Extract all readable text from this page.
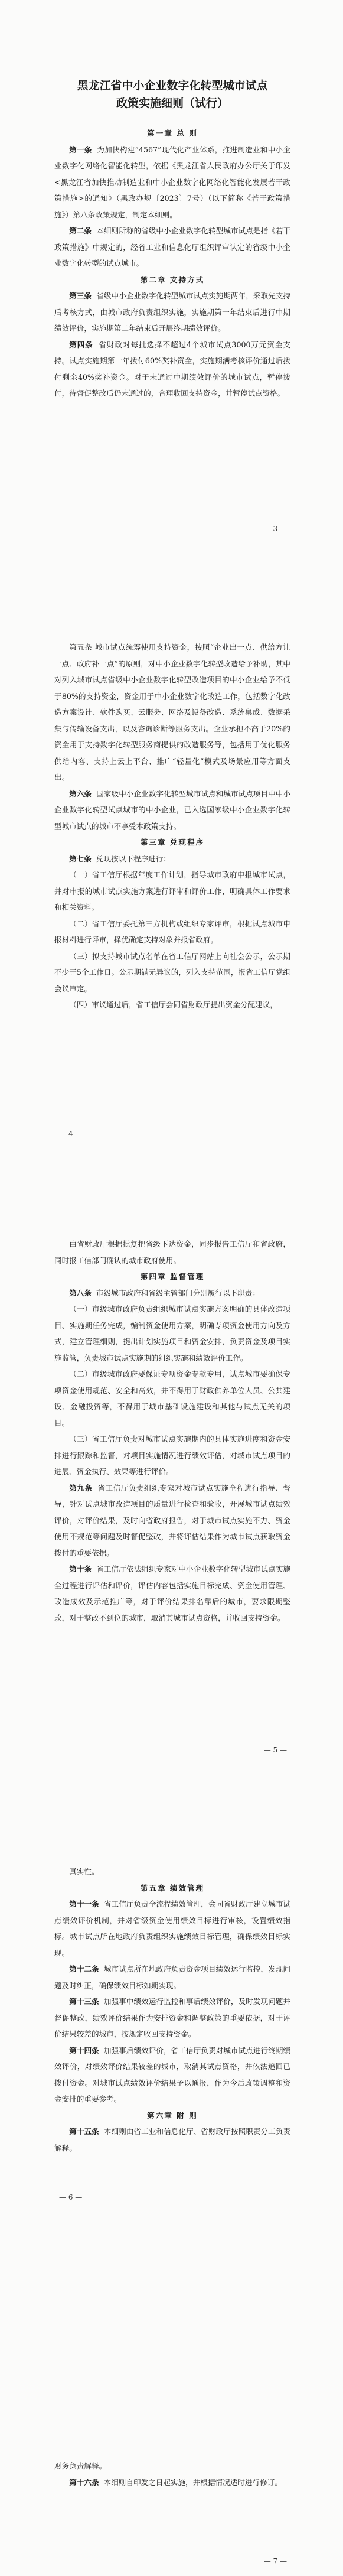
黑龙江省中小企业数字化转型城市试点
政策实施细则（试行）

第一章 总 则

第一条 为加快构建“4567”现代化产业体系，推进制造业和中小企业数字化网络化智能化转型，依据《黑龙江省人民政府办公厅关于印发<黑龙江省加快推动制造业和中小企业数字化网络化智能化发展若干政策措施>的通知》（黑政办规〔2023〕7号）（以下简称《若干政策措施》）第八条政策规定，制定本细则。

第二条 本细则所称的省级中小企业数字化转型城市试点是指《若干政策措施》中规定的，经省工业和信息化厅组织评审认定的省级中小企业数字化转型的试点城市。

第二章 支持方式

第三条 省级中小企业数字化转型城市试点实施期两年，采取先支持后考核方式，由城市政府负责组织实施，实施期第一年结束后进行中期绩效评价，实施期第二年结束后开展终期绩效评价。

第四条 省财政对每批选择不超过4个城市试点3000万元资金支持。试点实施期第一年拨付60%奖补资金，实施期满考核评价通过后拨付剩余40%奖补资金。对于未通过中期绩效评价的城市试点，暂停拨付，待督促整改后仍未通过的，合理收回支持资金，并暂停试点资格。

— 3 —

第五条 城市试点统筹使用支持资金，按照“企业出一点、供给方让一点、政府补一点”的原则，对中小企业数字化转型改造给予补助，其中对列入城市试点省级中小企业数字化转型改造项目的中小企业给予不低于80%的支持资金，资金用于中小企业数字化改造工作，包括数字化改造方案设计、软件购买、云服务、网络及设备改造、系统集成、数据采集与传输设备支出，以及咨询诊断等服务支出。企业承担不高于20%的资金用于支持数字化转型服务商提供的改造服务等，包括用于优化服务供给内容、支持上云上平台、推广“轻量化”模式及场景应用等方面支出。

第六条 国家级中小企业数字化转型城市试点和城市试点项目中中小企业数字化转型试点城市的中小企业，已入选国家级中小企业数字化转型城市试点的城市不享受本政策支持。

第三章 兑现程序

第七条 兑现按以下程序进行：

（一）省工信厅根据年度工作计划，指导城市政府申报城市试点，并对申报的城市试点实施方案进行评审和评价工作，明确具体工作要求和相关资料。

（二）省工信厅委托第三方机构或组织专家评审，根据试点城市申报材料进行评审，择优确定支持对象并报省政府。

（三）拟支持城市试点名单在省工信厅网站上向社会公示，公示期不少于5个工作日。公示期满无异议的，列入支持范围，报省工信厅党组会议审定。

（四）审议通过后，省工信厅会同省财政厅提出资金分配建议，

— 4 —

由省财政厅根据批复把省级下达资金，同步报告工信厅和省政府，同时报工信部门确认的城市政府使用。

第四章 监督管理

第八条 市级城市政府和省级主管部门分别履行以下职责：

（一）市级城市政府负责组织城市试点实施方案明确的具体改造项目、实施期任务完成，编制资金使用方案，明确专项资金使用方向及方式，建立管理细则，提出计划实施项目和资金安排，负责资金及项目实施监管，负责城市试点实施期的组织实施和绩效评价工作。

（二）市级城市政府要保证专项资金专款专用，试点城市要确保专项资金使用规范、安全和高效，并不得用于财政供养单位人员、公共建设、金融投资等，不得用于城市基础设施建设和其他与试点无关的项目。

（三）省工信厅负责对城市试点实施期内的具体实施进度和资金安排进行跟踪和监督，对项目实施情况进行绩效评估，对城市试点项目的进展、资金执行、效果等进行评价。

第九条 省工信厅负责组织专家对城市试点实施全程进行指导、督导，针对试点城市改造项目的质量进行检查和验收，开展城市试点绩效评价，对评价结果，及时向省政府报告，对于城市试点实施不力、资金使用不规范等问题及时督促整改，并将评估结果作为城市试点获取资金拨付的重要依据。

第十条 省工信厅依法组织专家对中小企业数字化转型城市试点实施全过程进行评估和评价，评估内容包括实施目标完成、资金使用管理、改造成效及示范推广等，对于评价结果排名靠后的城市，要求限期整改，对于整改不到位的城市，取消其城市试点资格，并收回支持资金。

— 5 —

真实性。

第五章 绩效管理

第十一条 省工信厅负责全流程绩效管理，会同省财政厅建立城市试点绩效评价机制，并对省级资金使用绩效目标进行审核，设置绩效指标。城市试点所在地政府负责组织实施绩效目标管理，确保绩效目标实现。

第十二条 城市试点所在地政府负责资金项目绩效运行监控，发现问题及时纠正，确保绩效目标如期实现。

第十三条 加强事中绩效运行监控和事后绩效评价，及时发现问题并督促整改，绩效评价结果作为安排资金和调整政策的重要依据，对于评价结果较差的城市，按规定收回支持资金。

第十四条 加强事后绩效评价，省工信厅负责对城市试点进行终期绩效评价，对绩效评价结果较差的城市，取消其试点资格，并依法追回已拨付资金。对城市试点绩效评价结果予以通报，作为今后政策调整和资金安排的重要参考。

第六章 附 则

第十五条 本细则由省工业和信息化厅、省财政厅按照职责分工负责解释。

— 6 —

财务负责解释。

第十六条 本细则自印发之日起实施，并根据情况适时进行修订。

— 7 —
